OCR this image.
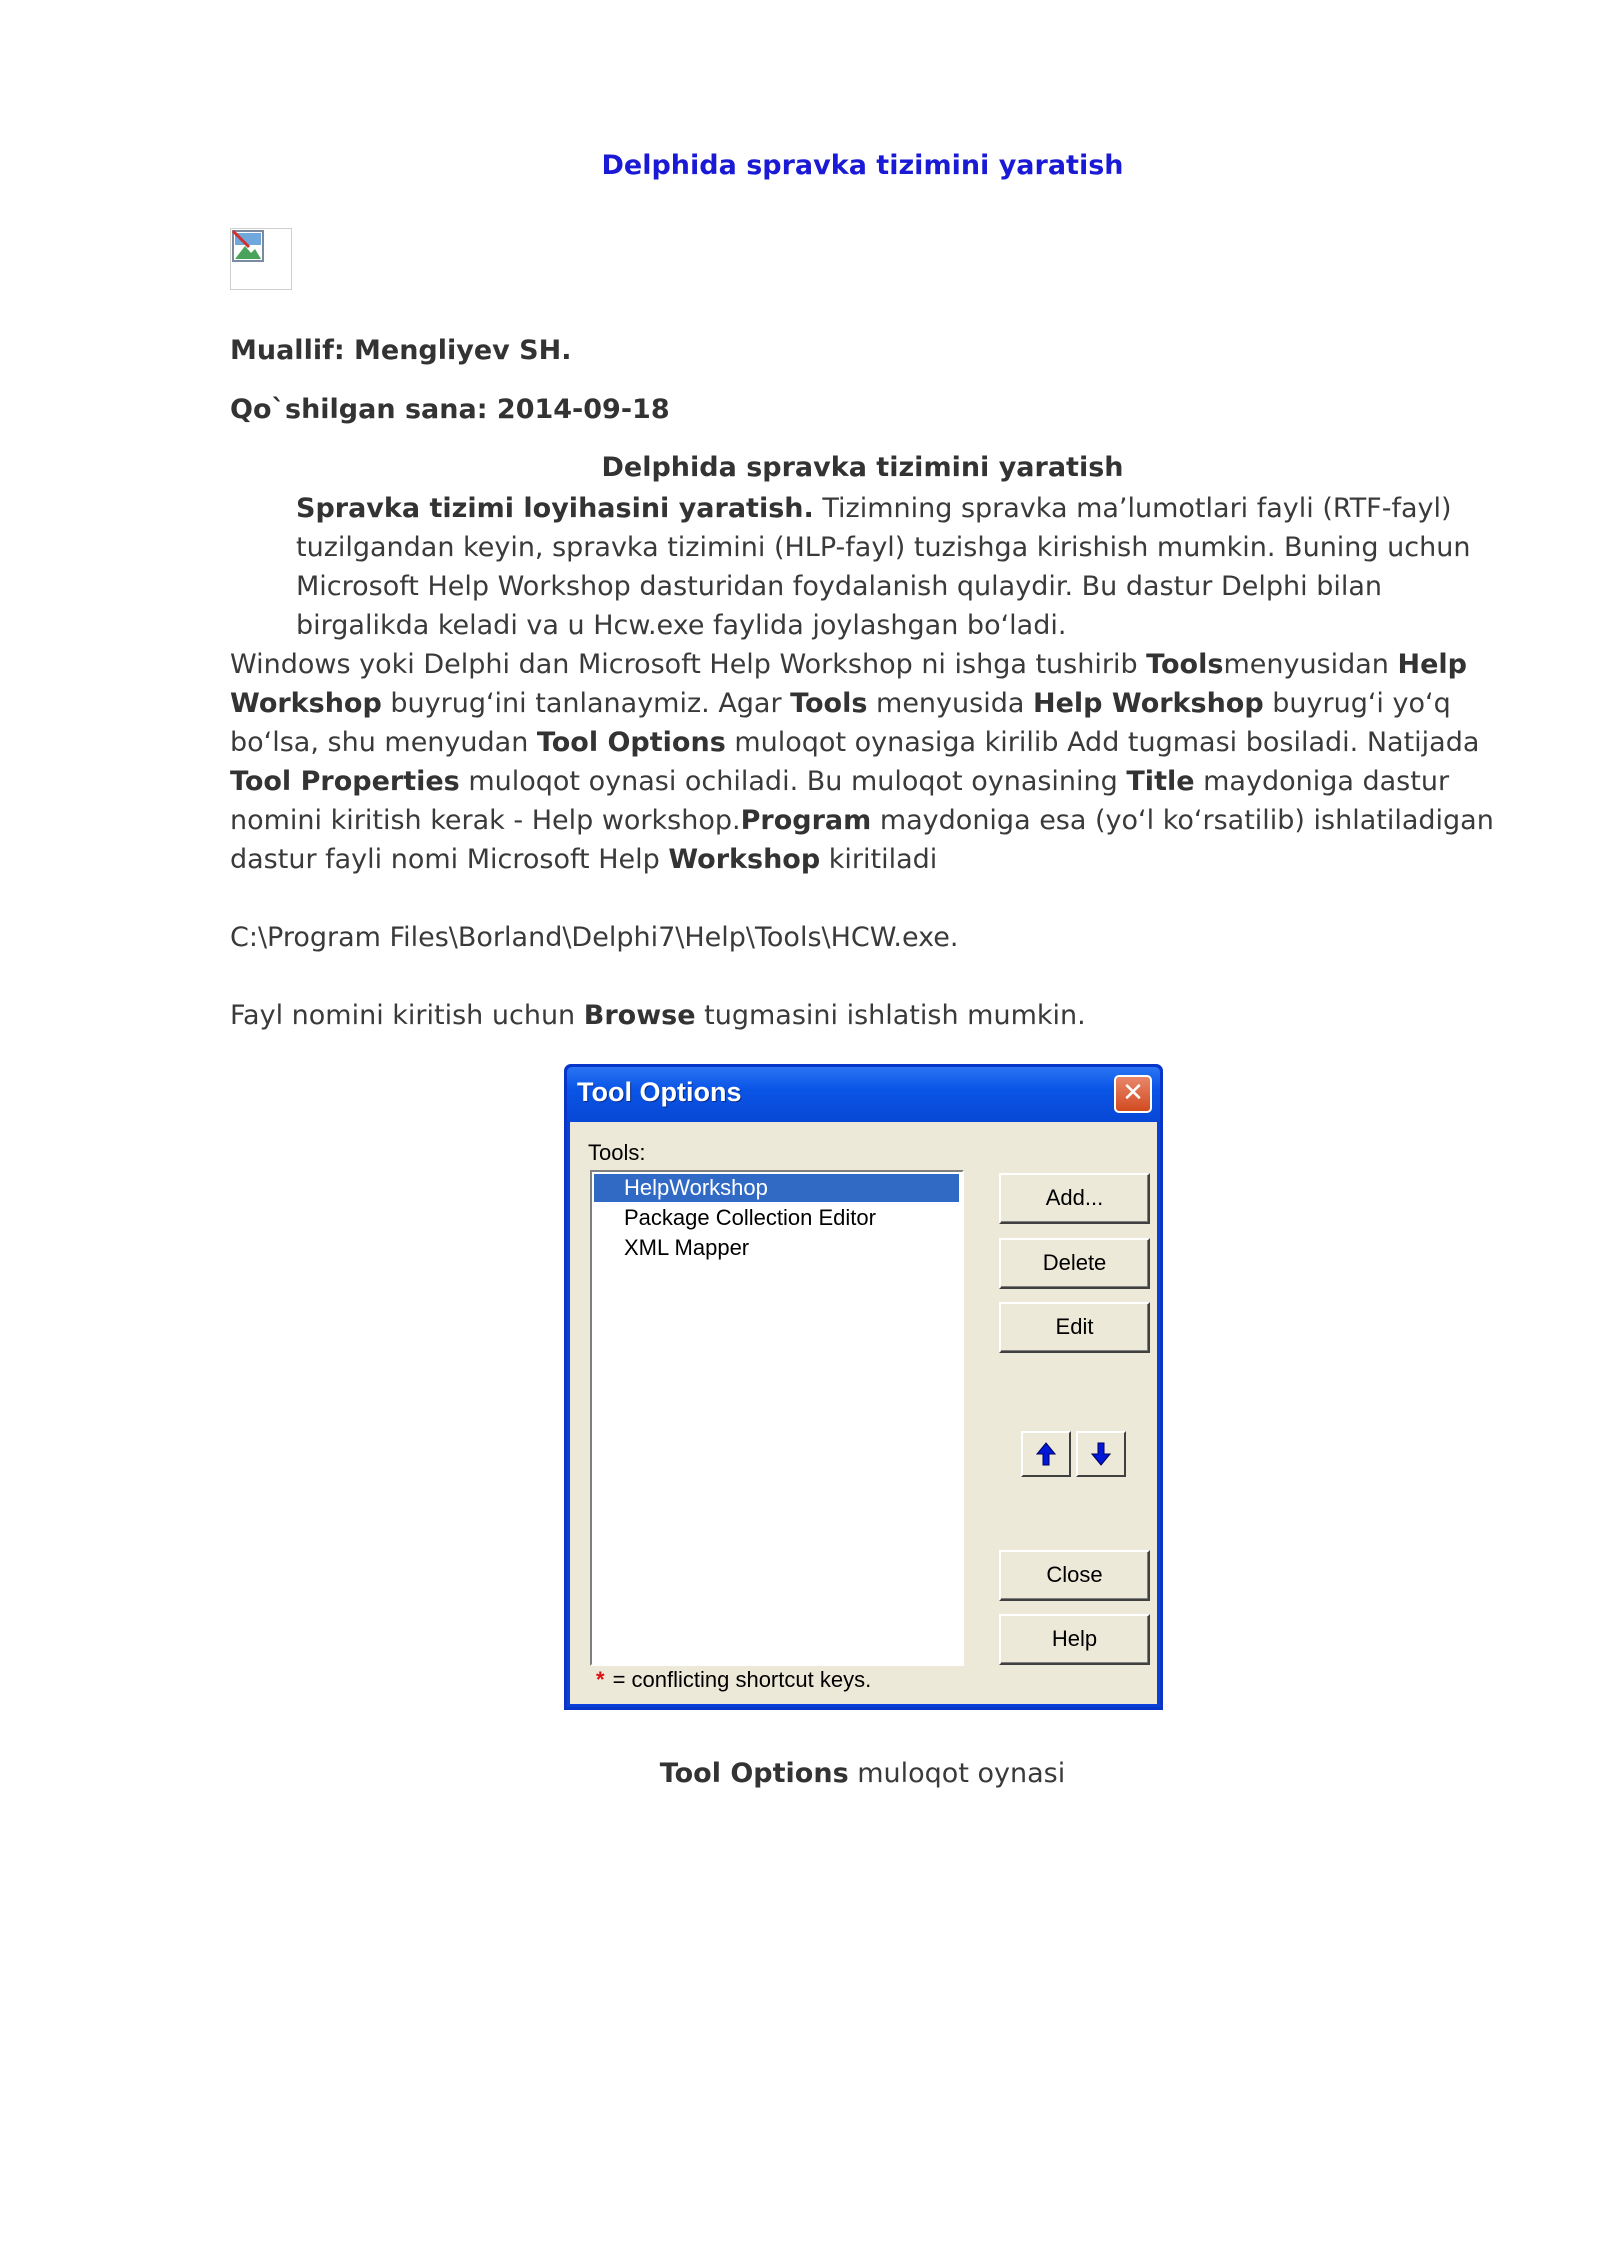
Delphida spravka tizimini yaratish
Muallif: Mengliyev SH.
Qo`shilgan sana: 2014-09-18
Delphida spravka tizimini yaratish

Spravka tizimi loyihasini yaratish. Tizimning spravka ma’lumotlari fayli (RTF-fayl) tuzilgandan keyin, spravka tizimini (HLP-fayl) tuzishga kirishish mumkin. Buning uchun Microsoft Help Workshop dasturidan foydalanish qulaydir. Bu dastur Delphi bilan birgalikda keladi va u Hcw.exe faylida joylashgan bo‘ladi.

Windows yoki Delphi dan Microsoft Help Workshop ni ishga tushirib Toolsmenyusidan Help Workshop buyrug‘ini tanlanaymiz. Agar Tools menyusida Help Workshop buyrug‘i yo‘q bo‘lsa, shu menyudan Tool Options muloqot oynasiga kirilib Add tugmasi bosiladi. Natijada Tool Properties muloqot oynasi ochiladi. Bu muloqot oynasining Title maydoniga dastur nomini kiritish kerak - Help workshop.Program maydoniga esa (yo‘l ko‘rsatilib) ishlatiladigan dastur fayli nomi Microsoft Help Workshop kiritiladi

C:\Program Files\Borland\Delphi7\Help\Tools\HCW.exe.

Fayl nomini kiritish uchun Browse tugmasini ishlatish mumkin.

Tool Options muloqot oynasi
Tool Options	✕
Tools:
HelpWorkshop
Package Collection Editor
XML Mapper
Add...
Delete
Edit
Close
Help
* = conflicting shortcut keys.
